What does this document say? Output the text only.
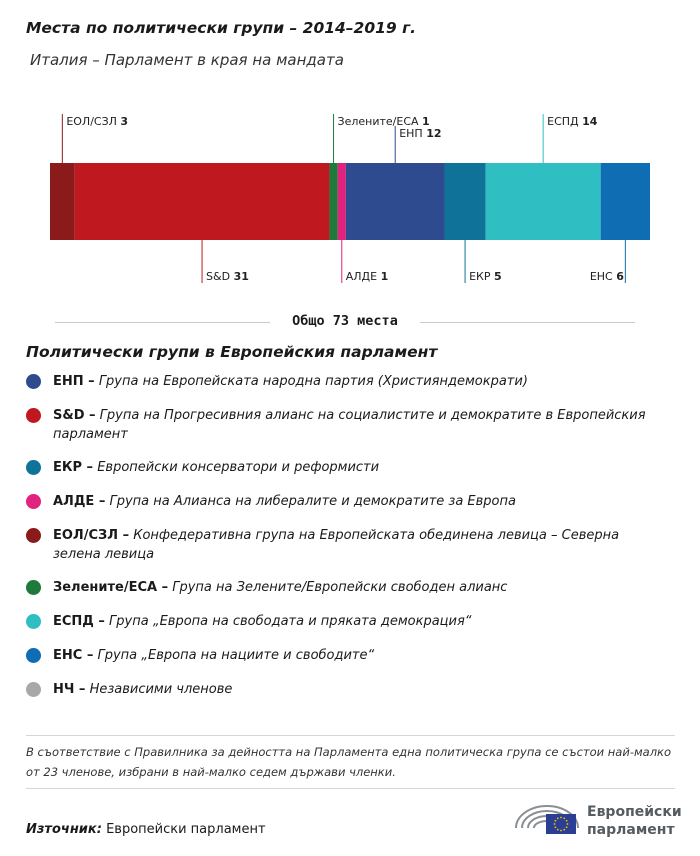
Места по политически групи – 2014–2019 г.
Италия – Парламент в края на мандата
ЕОЛ/СЗЛ 3
S&D 31
Зелените/ЕСА 1
АЛДЕ 1
ЕНП 12
ЕКР 5
ЕСПД 14
ЕНС 6
Общо 73 места
Политически групи в Европейския парламент
ЕНП – Група на Европейската народна партия (Християндемократи)
S&D – Група на Прогресивния алианс на социалистите и демократите в Европейския парламент
ЕКР – Европейски консерватори и реформисти
АЛДЕ – Група на Алианса на либералите и демократите за Европа
ЕОЛ/СЗЛ – Конфедеративна група на Европейската обединена левица – Северна зелена левица
Зелените/ЕСА – Група на Зелените/Европейски свободен алианс
ЕСПД – Група „Европа на свободата и пряката демокрация“
ЕНС – Група „Европа на нациите и свободите“
НЧ – Независими членове
В съответствие с Правилника за дейността на Парламента една политическа група се състои най-малко от 23 членове, избрани в най-малко седем държави членки.
Източник: Европейски парламент
Европейски
парламент
